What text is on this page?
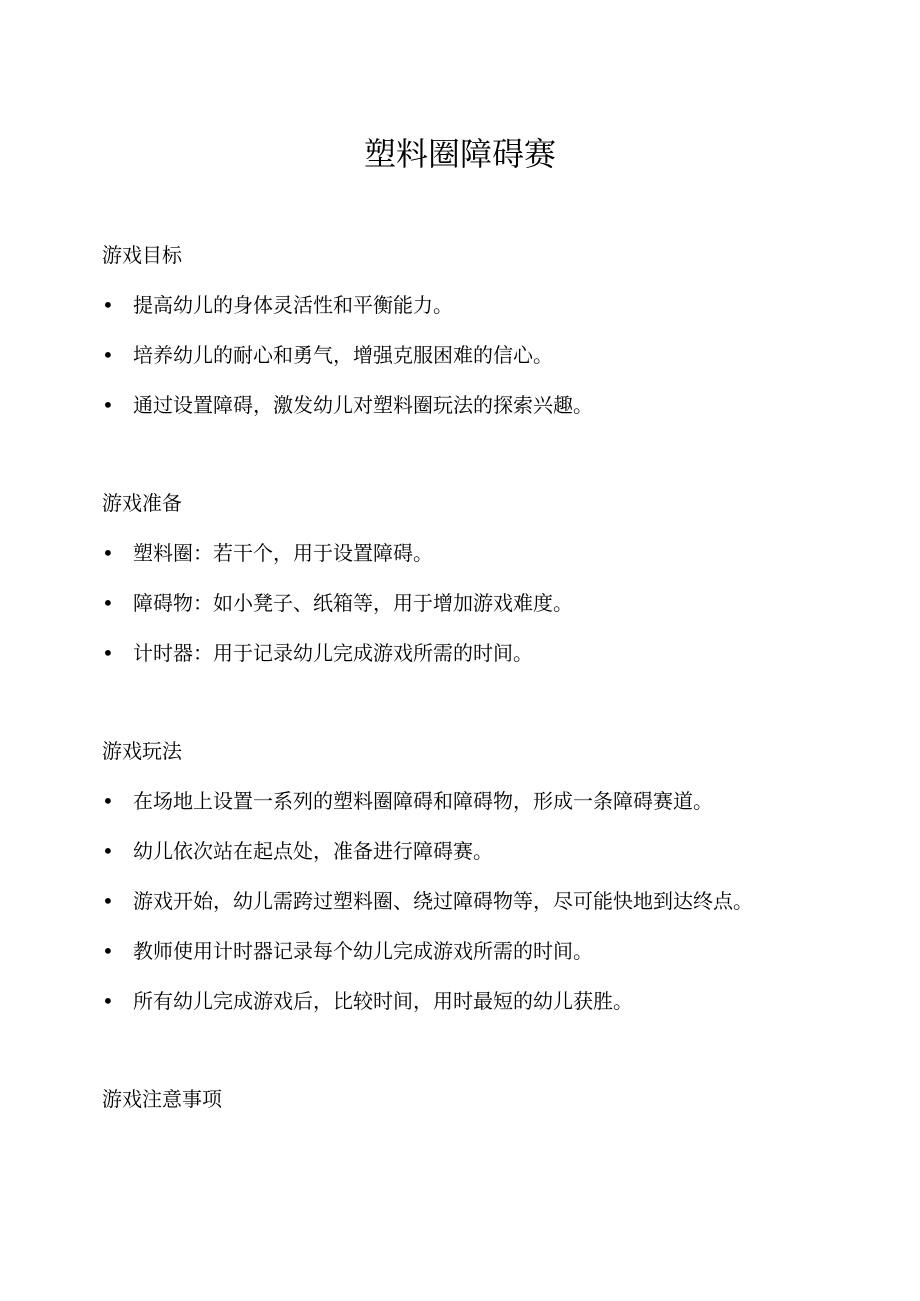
塑料圈障碍赛
游戏目标
• 提高幼儿的身体灵活性和平衡能力。
• 培养幼儿的耐心和勇气，增强克服困难的信心。
• 通过设置障碍，激发幼儿对塑料圈玩法的探索兴趣。
游戏准备
• 塑料圈：若干个，用于设置障碍。
• 障碍物：如小凳子、纸箱等，用于增加游戏难度。
• 计时器：用于记录幼儿完成游戏所需的时间。
游戏玩法
• 在场地上设置一系列的塑料圈障碍和障碍物，形成一条障碍赛道。
• 幼儿依次站在起点处，准备进行障碍赛。
• 游戏开始，幼儿需跨过塑料圈、绕过障碍物等，尽可能快地到达终点。
• 教师使用计时器记录每个幼儿完成游戏所需的时间。
• 所有幼儿完成游戏后，比较时间，用时最短的幼儿获胜。
游戏注意事项
